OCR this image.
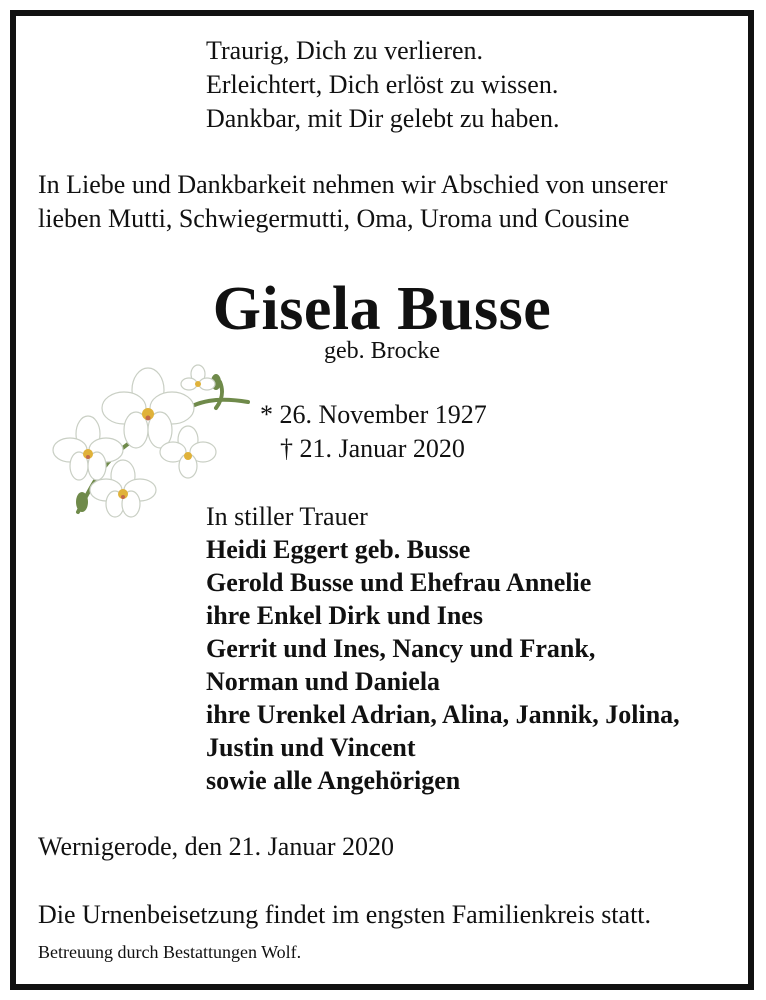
Traurig, Dich zu verlieren.
Erleichtert, Dich erlöst zu wissen.
Dankbar, mit Dir gelebt zu haben.
In Liebe und Dankbarkeit nehmen wir Abschied von unserer
lieben Mutti, Schwiegermutti, Oma, Uroma und Cousine
Gisela Busse
geb. Brocke
* 26. November 1927
† 21. Januar 2020
In stiller Trauer
Heidi Eggert geb. Busse
Gerold Busse und Ehefrau Annelie
ihre Enkel Dirk und Ines
Gerrit und Ines, Nancy und Frank,
Norman und Daniela
ihre Urenkel Adrian, Alina, Jannik, Jolina,
Justin und Vincent
sowie alle Angehörigen
Wernigerode, den 21. Januar 2020
Die Urnenbeisetzung findet im engsten Familienkreis statt.
Betreuung durch Bestattungen Wolf.
